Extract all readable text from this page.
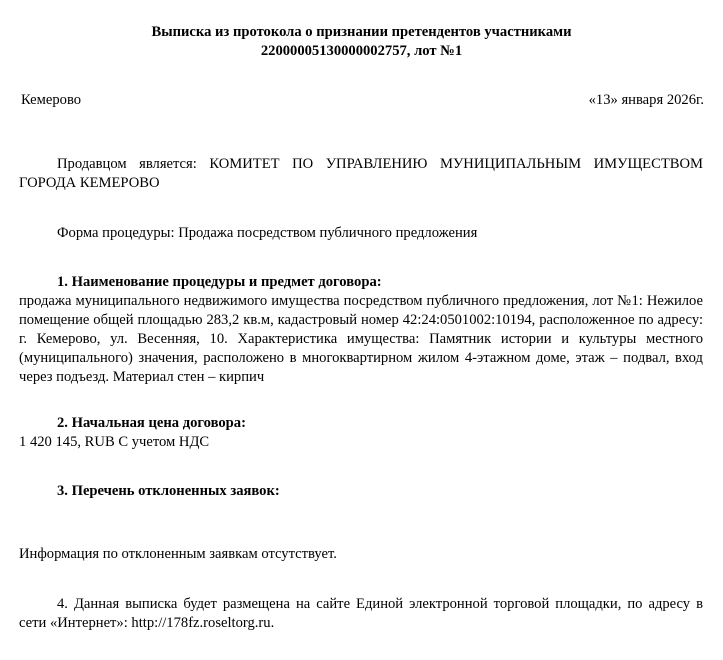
Выписка из протокола о признании претендентов участниками
22000005130000002757, лот №1
Кемерово	«13» января 2026г.
Продавцом является: КОМИТЕТ ПО УПРАВЛЕНИЮ МУНИЦИПАЛЬНЫМ ИМУЩЕСТВОМ ГОРОДА КЕМЕРОВО
Форма процедуры: Продажа посредством публичного предложения
1. Наименование процедуры и предмет договора:
продажа муниципального недвижимого имущества посредством публичного предложения, лот №1: Нежилое помещение общей площадью 283,2 кв.м, кадастровый номер 42:24:0501002:10194, расположенное по адресу: г. Кемерово, ул. Весенняя, 10. Характеристика имущества: Памятник истории и культуры местного (муниципального) значения, расположено в многоквартирном жилом 4-этажном доме, этаж – подвал, вход через подъезд. Материал стен – кирпич
2. Начальная цена договора:
1 420 145, RUB С учетом НДС
3. Перечень отклоненных заявок:
Информация по отклоненным заявкам отсутствует.
4. Данная выписка будет размещена на сайте Единой электронной торговой площадки, по адресу в сети «Интернет»: http://178fz.roseltorg.ru.
